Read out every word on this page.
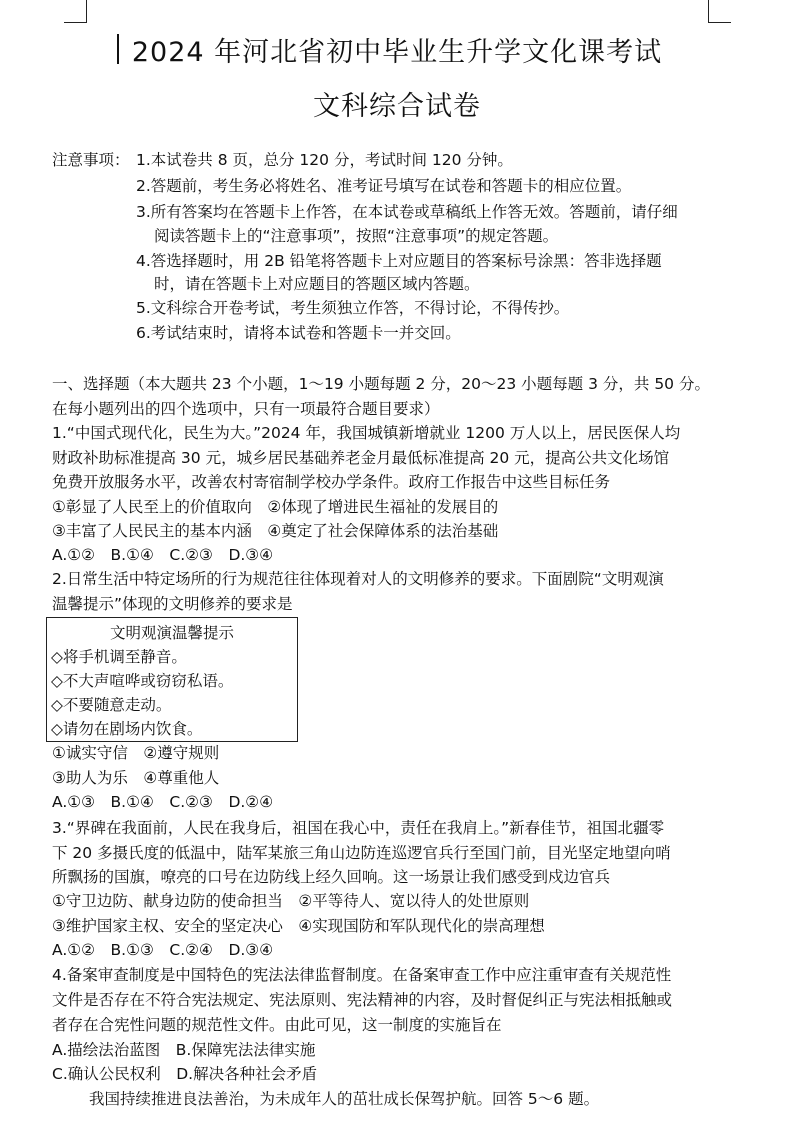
2024 年河北省初中毕业生升学文化课考试
文科综合试卷
注意事项： 1.本试卷共 8 页，总分 120 分，考试时间 120 分钟。
2.答题前，考生务必将姓名、准考证号填写在试卷和答题卡的相应位置。
3.所有答案均在答题卡上作答，在本试卷或草稿纸上作答无效。答题前，请仔细
阅读答题卡上的“注意事项”，按照“注意事项”的规定答题。
4.答选择题时，用 2B 铅笔将答题卡上对应题目的答案标号涂黑：答非选择题
时，请在答题卡上对应题目的答题区域内答题。
5.文科综合开卷考试，考生须独立作答，不得讨论，不得传抄。
6.考试结束时，请将本试卷和答题卡一并交回。
一、选择题（本大题共 23 个小题，1～19 小题每题 2 分，20～23 小题每题 3 分，共 50 分。
在每小题列出的四个选项中，只有一项最符合题目要求）
1.“中国式现代化，民生为大。”2024 年，我国城镇新增就业 1200 万人以上，居民医保人均
财政补助标准提高 30 元，城乡居民基础养老金月最低标准提高 20 元，提高公共文化场馆
免费开放服务水平，改善农村寄宿制学校办学条件。政府工作报告中这些目标任务
①彰显了人民至上的价值取向　②体现了增进民生福祉的发展目的
③丰富了人民民主的基本内涵　④奠定了社会保障体系的法治基础
A.①②　B.①④　C.②③　D.③④
2.日常生活中特定场所的行为规范往往体现着对人的文明修养的要求。下面剧院“文明观演
温馨提示”体现的文明修养的要求是
文明观演温馨提示
◇将手机调至静音。
◇不大声喧哗或窃窃私语。
◇不要随意走动。
◇请勿在剧场内饮食。
①诚实守信　②遵守规则
③助人为乐　④尊重他人
A.①③　B.①④　C.②③　D.②④
3.“界碑在我面前，人民在我身后，祖国在我心中，责任在我肩上。”新春佳节，祖国北疆零
下 20 多摄氏度的低温中，陆军某旅三角山边防连巡逻官兵行至国门前，目光坚定地望向哨
所飘扬的国旗，嘹亮的口号在边防线上经久回响。这一场景让我们感受到戍边官兵
①守卫边防、献身边防的使命担当　②平等待人、宽以待人的处世原则
③维护国家主权、安全的坚定决心　④实现国防和军队现代化的崇高理想
A.①②　B.①③　C.②④　D.③④
4.备案审查制度是中国特色的宪法法律监督制度。在备案审查工作中应注重审查有关规范性
文件是否存在不符合宪法规定、宪法原则、宪法精神的内容，及时督促纠正与宪法相抵触或
者存在合宪性问题的规范性文件。由此可见，这一制度的实施旨在
A.描绘法治蓝图　B.保障宪法法律实施
C.确认公民权利　D.解决各种社会矛盾
我国持续推进良法善治，为未成年人的茁壮成长保驾护航。回答 5～6 题。
